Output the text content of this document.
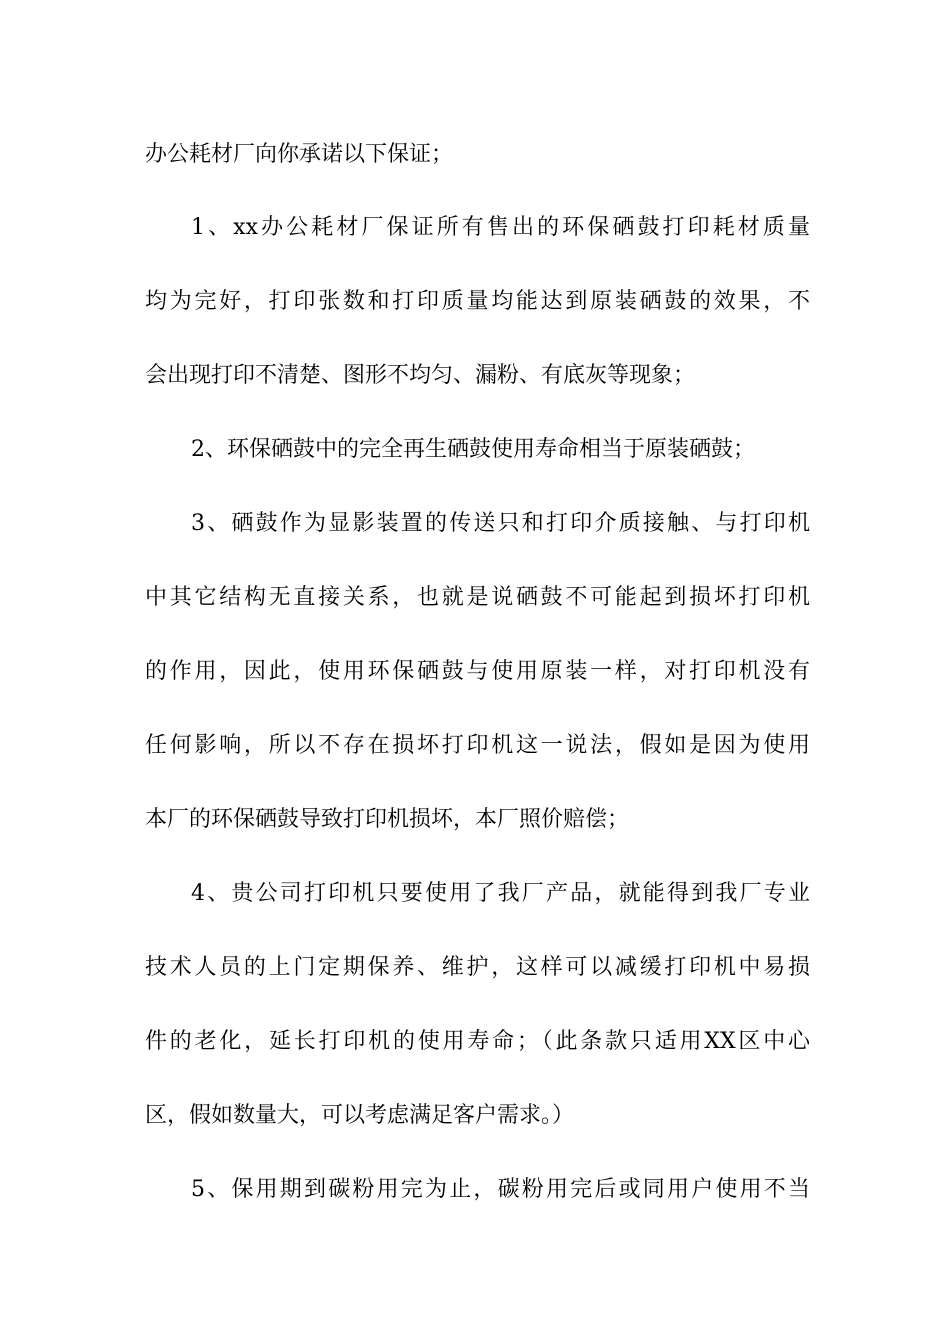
办公耗材厂向你承诺以下保证；
1、xx办公耗材厂保证所有售出的环保硒鼓打印耗材质量
均为完好，打印张数和打印质量均能达到原装硒鼓的效果，不
会出现打印不清楚、图形不均匀、漏粉、有底灰等现象；
2、环保硒鼓中的完全再生硒鼓使用寿命相当于原装硒鼓；
3、硒鼓作为显影装置的传送只和打印介质接触、与打印机
中其它结构无直接关系，也就是说硒鼓不可能起到损坏打印机
的作用，因此，使用环保硒鼓与使用原装一样，对打印机没有
任何影响，所以不存在损坏打印机这一说法，假如是因为使用
本厂的环保硒鼓导致打印机损坏，本厂照价赔偿；
4、贵公司打印机只要使用了我厂产品，就能得到我厂专业
技术人员的上门定期保养、维护，这样可以减缓打印机中易损
件的老化，延长打印机的使用寿命；（此条款只适用XX区中心
区，假如数量大，可以考虑满足客户需求。）
5、保用期到碳粉用完为止，碳粉用完后或同用户使用不当
